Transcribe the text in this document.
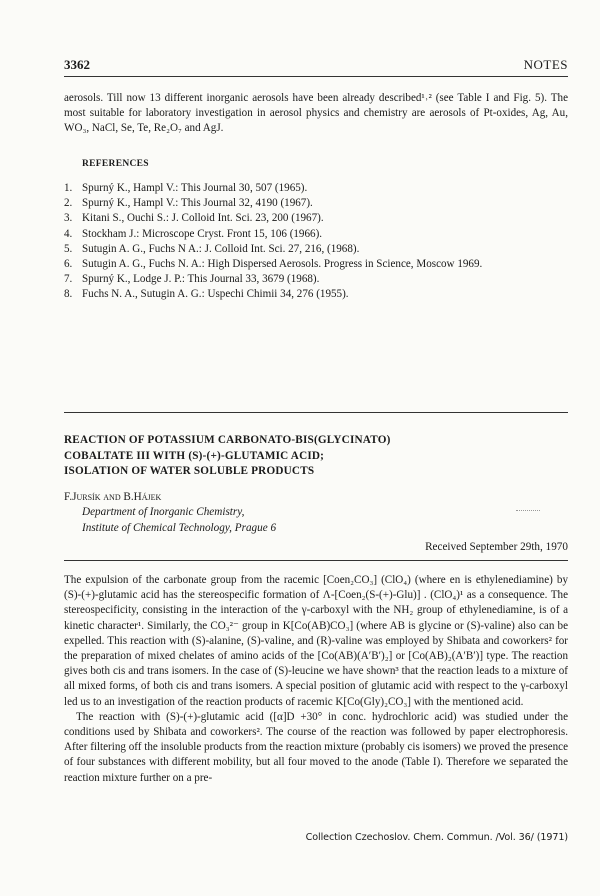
3362	NOTES

aerosols. Till now 13 different inorganic aerosols have been already described¹˒² (see Table I and Fig. 5). The most suitable for laboratory investigation in aerosol physics and chemistry are aerosols of Pt-oxides, Ag, Au, WO₃, NaCl, Se, Te, Re₂O₇ and AgJ.

REFERENCES
1. Spurný K., Hampl V.: This Journal 30, 507 (1965).
2. Spurný K., Hampl V.: This Journal 32, 4190 (1967).
3. Kitani S., Ouchi S.: J. Colloid Int. Sci. 23, 200 (1967).
4. Stockham J.: Microscope Cryst. Front 15, 106 (1966).
5. Sutugin A. G., Fuchs N A.: J. Colloid Int. Sci. 27, 216, (1968).
6. Sutugin A. G., Fuchs N. A.: High Dispersed Aerosols. Progress in Science, Moscow 1969.
7. Spurný K., Lodge J. P.: This Journal 33, 3679 (1968).
8. Fuchs N. A., Sutugin A. G.: Uspechi Chimii 34, 276 (1955).
REACTION OF POTASSIUM CARBONATO-BIS(GLYCINATO)
COBALTATE III WITH (S)-(+)-GLUTAMIC ACID;
ISOLATION OF WATER SOLUBLE PRODUCTS
F.Jursík and B.Hájek
Department of Inorganic Chemistry,
Institute of Chemical Technology, Prague 6
Received September 29th, 1970

The expulsion of the carbonate group from the racemic [Coen₂CO₃] (ClO₄) (where en is ethylenediamine) by (S)-(+)-glutamic acid has the stereospecific formation of Λ-[Coen₂(S-(+)-Glu)] . (ClO₄)¹ as a consequence. The stereospecificity, consisting in the interaction of the γ-carboxyl with the NH₂ group of ethylenediamine, is of a kinetic character¹. Similarly, the CO₃²⁻ group in K[Co(AB)CO₃] (where AB is glycine or (S)-valine) also can be expelled. This reaction with (S)-alanine, (S)-valine, and (R)-valine was employed by Shibata and coworkers² for the preparation of mixed chelates of amino acids of the [Co(AB)(A′B′)₂] or [Co(AB)₂(A′B′)] type. The reaction gives both cis and trans isomers. In the case of (S)-leucine we have shown³ that the reaction leads to a mixture of all mixed forms, of both cis and trans isomers. A special position of glutamic acid with respect to the γ-carboxyl led us to an investigation of the reaction products of racemic K[Co(Gly)₂CO₃] with the mentioned acid.

The reaction with (S)-(+)-glutamic acid ([α]D +30° in conc. hydrochloric acid) was studied under the conditions used by Shibata and coworkers². The course of the reaction was followed by paper electrophoresis. After filtering off the insoluble products from the reaction mixture (probably cis isomers) we proved the presence of four substances with different mobility, but all four moved to the anode (Table I). Therefore we separated the reaction mixture further on a pre-

Collection Czechoslov. Chem. Commun. /Vol. 36/ (1971)
